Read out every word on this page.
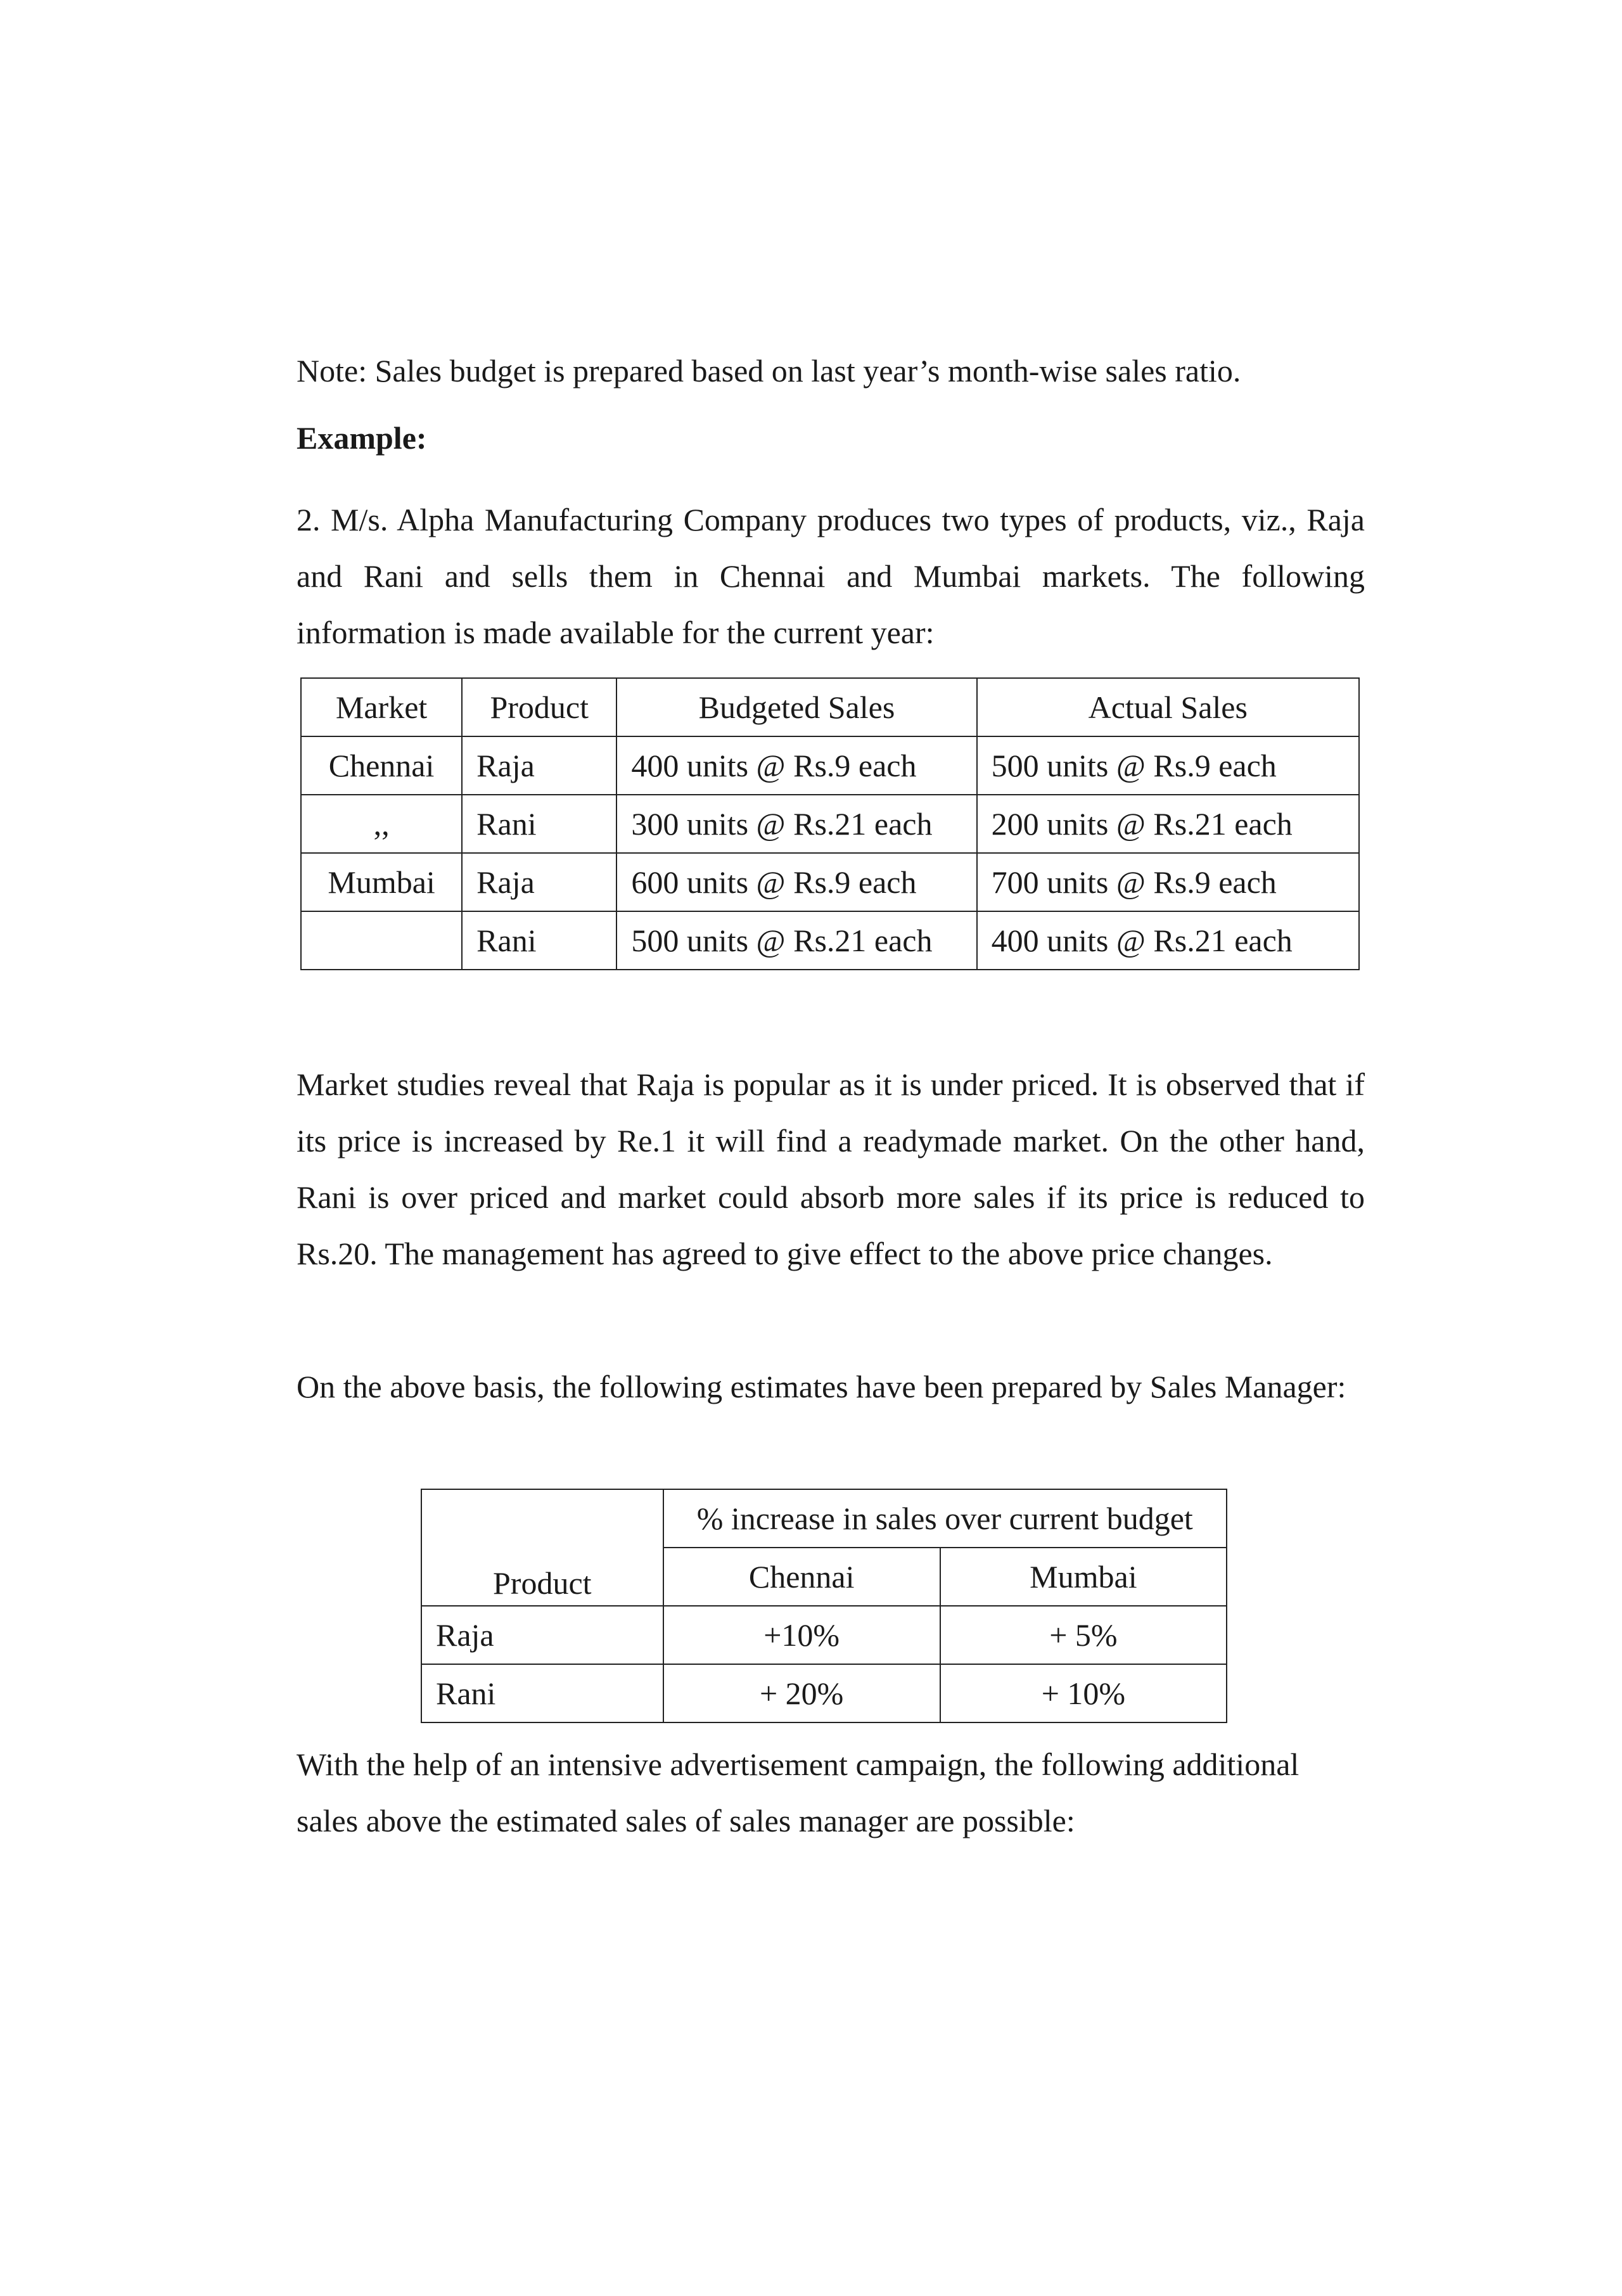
Note: Sales budget is prepared based on last year’s month-wise sales ratio.

Example:

2. M/s. Alpha Manufacturing Company produces two types of products, viz., Raja and Rani and sells them in Chennai and Mumbai markets. The following information is made available for the current year:

Market	Product	Budgeted Sales	Actual Sales
Chennai	Raja	400 units @ Rs.9 each	500 units @ Rs.9 each
,,	Rani	300 units @ Rs.21 each	200 units @ Rs.21 each
Mumbai	Raja	600 units @ Rs.9 each	700 units @ Rs.9 each
	Rani	500 units @ Rs.21 each	400 units @ Rs.21 each

Market studies reveal that Raja is popular as it is under priced. It is observed that if its price is increased by Re.1 it will find a readymade market. On the other hand, Rani is over priced and market could absorb more sales if its price is reduced to Rs.20. The management has agreed to give effect to the above price changes.

On the above basis, the following estimates have been prepared by Sales Manager:

Product	% increase in sales over current budget	
	Chennai	Mumbai
Raja	+10%	+ 5%
Rani	+ 20%	+ 10%

With the help of an intensive advertisement campaign, the following additional sales above the estimated sales of sales manager are possible:
